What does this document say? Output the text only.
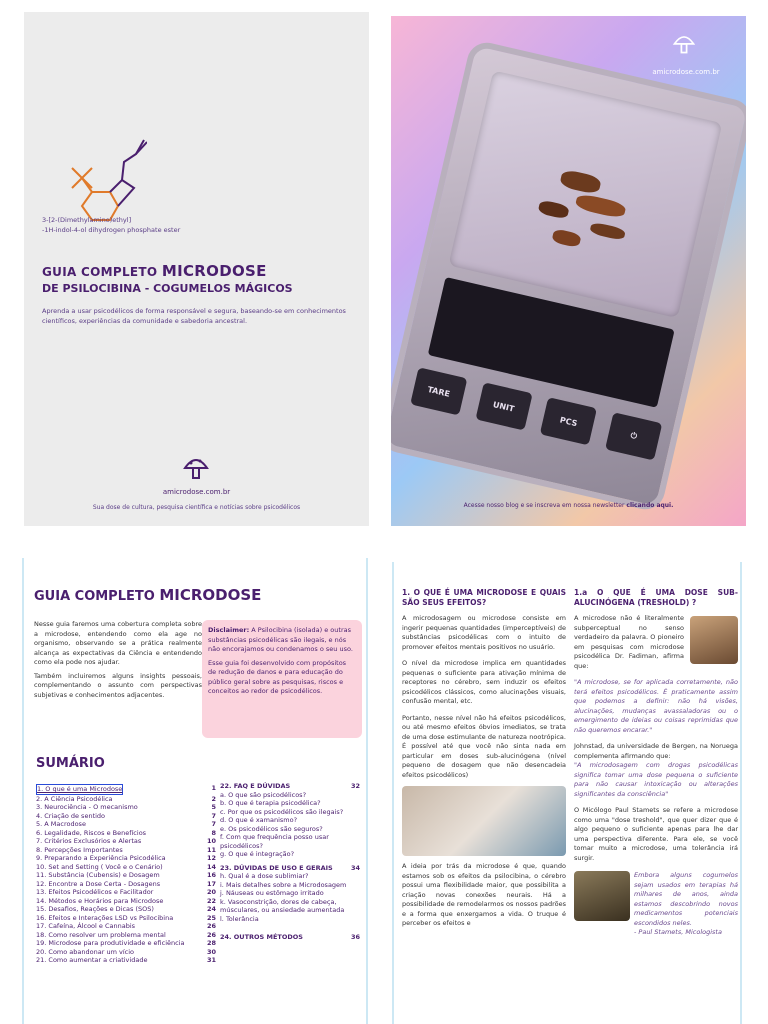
3-[2-(Dimethylamino)ethyl]
-1H-indol-4-ol dihydrogen phosphate ester
GUIA COMPLETO MICRODOSE
DE PSILOCIBINA - COGUMELOS MÁGICOS
Aprenda a usar psicodélicos de forma responsável e segura, baseando-se em conhecimentos científicos, experiências da comunidade e sabedoria ancestral.
amicrodose.com.br
Sua dose de cultura, pesquisa científica e notícias sobre psicodélicos
amicrodose.com.br
TARE
UNIT
PCS
⏻
Acesse nosso blog e se inscreva em nossa newsletter clicando aqui.
GUIA COMPLETO MICRODOSE

Nesse guia faremos uma cobertura completa sobre a microdose, entendendo como ela age no organismo, observando se a prática realmente alcança as expectativas da Ciência e entendendo como ela pode nos ajudar.

Também incluiremos alguns insights pessoais, complementando o assunto com perspectivas subjetivas e conhecimentos adjacentes.

Disclaimer: A Psilocibina (isolada) e outras substâncias psicodélicas são ilegais, e nós não encorajamos ou condenamos o seu uso.

Esse guia foi desenvolvido com propósitos de redução de danos e para educação do público geral sobre as pesquisas, riscos e conceitos ao redor de psicodélicos.

SUMÁRIO
1. O que é uma Microdose	1
2. A Ciência Psicodélica	2
3. Neurociência - O mecanismo	5
4. Criação de sentido	7
5. A Macrodose	7
6. Legalidade, Riscos e Benefícios	8
7. Critérios Exclusórios e Alertas	10
8. Percepções Importantes	11
9. Preparando a Experiência Psicodélica	12
10. Set and Setting ( Você e o Cenário)	14
11. Substância (Cubensis) e Dosagem	16
12. Encontre a Dose Certa - Dosagens	17
13. Efeitos Psicodélicos e Facilitador	20
14. Métodos e Horários para Microdose	22
15. Desafios, Reações e Dicas (SOS)	24
16. Efeitos e Interações LSD vs Psilocibina	25
17. Cafeína, Álcool e Cannabis	26
18. Como resolver um problema mental	26
19. Microdose para produtividade e eficiência	28
20. Como abandonar um vício	30
21. Como aumentar a criatividade	31
22. FAQ E DÚVIDAS	32
a. O que são psicodélicos?
b. O que é terapia psicodélica?
c. Por que os psicodélicos são ilegais?
d. O que é xamanismo?
e. Os psicodélicos são seguros?
f. Com que frequência posso usar psicodélicos?
g. O que é integração?
23. DÚVIDAS DE USO E GERAIS	34
h. Qual é a dose sublimiar?
i. Mais detalhes sobre a Microdosagem
j. Náuseas ou estômago irritado
k. Vasoconstrição, dores de cabeça, músculares, ou ansiedade aumentada
l. Tolerância
24. OUTROS MÉTODOS	36
1. O QUE É UMA MICRODOSE E QUAIS SÃO SEUS EFEITOS?

A microdosagem ou microdose consiste em ingerir pequenas quantidades (imperceptíveis) de substâncias psicodélicas com o intuito de promover efeitos mentais positivos no usuário.

O nível da microdose implica em quantidades pequenas o suficiente para ativação mínima de receptores no cérebro, sem induzir os efeitos psicodélicos clássicos, como alucinações visuais, confusão mental, etc.

Portanto, nesse nível não há efeitos psicodélicos, ou até mesmo efeitos óbvios imediatos, se trata de uma dose estimulante de natureza nootrópica. É possível até que você não sinta nada em particular em doses sub-alucinógena (nível pequeno de dosagem que não desencadeia efeitos psicodélicos)

A ideia por trás da microdose é que, quando estamos sob os efeitos da psilocibina, o cérebro possui uma flexibilidade maior, que possibilita a criação novas conexões neurais. Há a possibilidade de remodelarmos os nossos padrões e a forma que enxergamos a vida. O truque é perceber os efeitos e

1.a O QUE É UMA DOSE SUB-ALUCINÓGENA (TRESHOLD) ?

A microdose não é literalmente subperceptual no senso verdadeiro da palavra. O pioneiro em pesquisas com microdose psicodélica Dr. Fadiman, afirma que:

"A microdose, se for aplicada corretamente, não terá efeitos psicodélicos. É praticamente assim que podemos a definir: não há visões, alucinações, mudanças avassaladoras ou o emergimento de ideias ou coisas reprimidas que não queremos encarar."

Johnstad, da universidade de Bergen, na Noruega complementa afirmando que:

"A microdosagem com drogas psicodélicas significa tomar uma dose pequena o suficiente para não causar intoxicação ou alterações significantes da consciência"

O Micólogo Paul Stamets se refere a microdose como uma "dose treshold", que quer dizer que é algo pequeno o suficiente apenas para lhe dar uma perspectiva diferente. Para ele, se você tomar muito a microdose, uma tolerância irá surgir.

Embora alguns cogumelos sejam usados em terapias há milhares de anos, ainda estamos descobrindo novos medicamentos potenciais escondidos neles.

- Paul Stamets, Micologista
